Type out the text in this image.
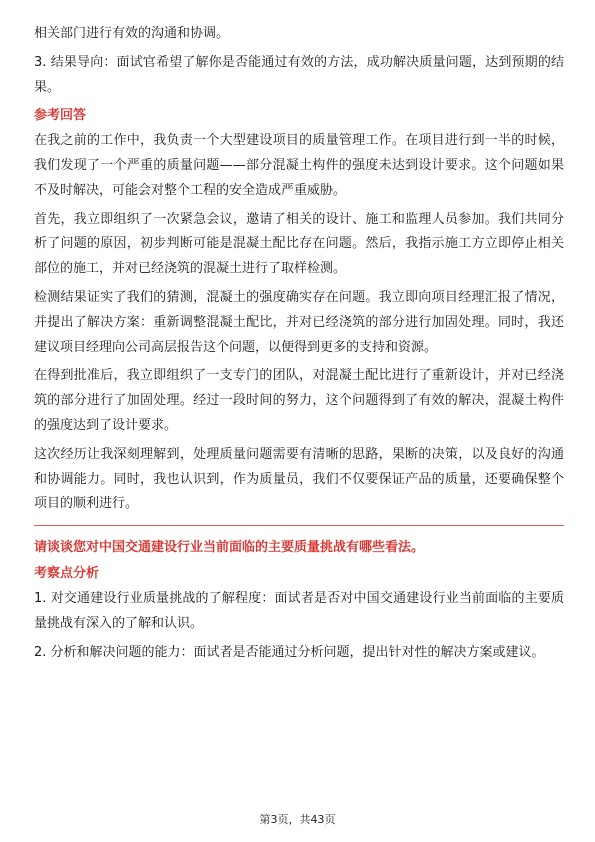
相关部门进行有效的沟通和协调。

3. 结果导向：面试官希望了解你是否能通过有效的方法，成功解决质量问题，达到预期的结果。

参考回答

在我之前的工作中，我负责一个大型建设项目的质量管理工作。在项目进行到一半的时候，我们发现了一个严重的质量问题——部分混凝土构件的强度未达到设计要求。这个问题如果不及时解决，可能会对整个工程的安全造成严重威胁。

首先，我立即组织了一次紧急会议，邀请了相关的设计、施工和监理人员参加。我们共同分析了问题的原因，初步判断可能是混凝土配比存在问题。然后，我指示施工方立即停止相关部位的施工，并对已经浇筑的混凝土进行了取样检测。

检测结果证实了我们的猜测，混凝土的强度确实存在问题。我立即向项目经理汇报了情况，并提出了解决方案：重新调整混凝土配比，并对已经浇筑的部分进行加固处理。同时，我还建议项目经理向公司高层报告这个问题，以便得到更多的支持和资源。

在得到批准后，我立即组织了一支专门的团队，对混凝土配比进行了重新设计，并对已经浇筑的部分进行了加固处理。经过一段时间的努力，这个问题得到了有效的解决，混凝土构件的强度达到了设计要求。

这次经历让我深刻理解到，处理质量问题需要有清晰的思路，果断的决策，以及良好的沟通和协调能力。同时，我也认识到，作为质量员，我们不仅要保证产品的质量，还要确保整个项目的顺利进行。

请谈谈您对中国交通建设行业当前面临的主要质量挑战有哪些看法。
考察点分析

1. 对交通建设行业质量挑战的了解程度：面试者是否对中国交通建设行业当前面临的主要质量挑战有深入的了解和认识。

2. 分析和解决问题的能力：面试者是否能通过分析问题，提出针对性的解决方案或建议。

第3页，共43页
